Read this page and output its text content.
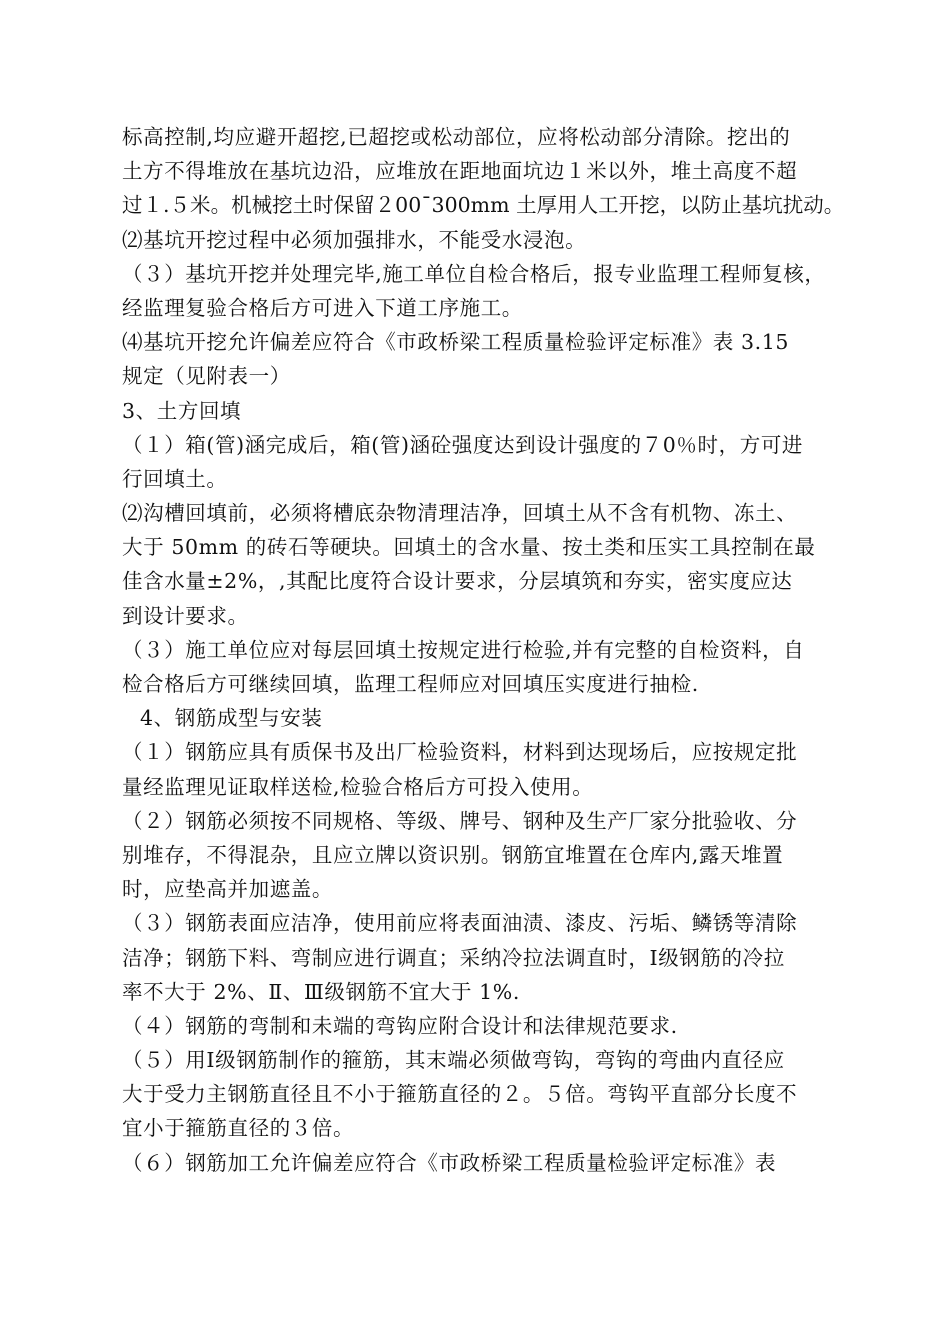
标高控制,均应避开超挖,已超挖或松动部位，应将松动部分清除。挖出的
土方不得堆放在基坑边沿，应堆放在距地面坑边１米以外，堆土高度不超
过１.５米。机械挖土时保留２00¯300mm 土厚用人工开挖，以防止基坑扰动。
⑵基坑开挖过程中必须加强排水，不能受水浸泡。
（３）基坑开挖并处理完毕,施工单位自检合格后，报专业监理工程师复核，
经监理复验合格后方可进入下道工序施工。
⑷基坑开挖允许偏差应符合《市政桥梁工程质量检验评定标准》表 3.15
规定（见附表一）
3、土方回填
（１）箱(管)涵完成后，箱(管)涵砼强度达到设计强度的７0％时，方可进
行回填土。
⑵沟槽回填前，必须将槽底杂物清理洁净，回填土从不含有机物、冻土、
大于 50mm 的砖石等硬块。回填土的含水量、按土类和压实工具控制在最
佳含水量±2%，,其配比度符合设计要求，分层填筑和夯实，密实度应达
到设计要求。
（３）施工单位应对每层回填土按规定进行检验,并有完整的自检资料，自
检合格后方可继续回填，监理工程师应对回填压实度进行抽检.
4、钢筋成型与安装
（１）钢筋应具有质保书及出厂检验资料，材料到达现场后，应按规定批
量经监理见证取样送检,检验合格后方可投入使用。
（２）钢筋必须按不同规格、等级、牌号、钢种及生产厂家分批验收、分
别堆存，不得混杂，且应立牌以资识别。钢筋宜堆置在仓库内,露天堆置
时，应垫高并加遮盖。
（３）钢筋表面应洁净，使用前应将表面油渍、漆皮、污垢、鳞锈等清除
洁净；钢筋下料、弯制应进行调直；采纳冷拉法调直时，Ⅰ级钢筋的冷拉
率不大于 2%、Ⅱ、Ⅲ级钢筋不宜大于 1%.
（４）钢筋的弯制和未端的弯钩应附合设计和法律规范要求.
（５）用Ⅰ级钢筋制作的箍筋，其末端必须做弯钩，弯钩的弯曲内直径应
大于受力主钢筋直径且不小于箍筋直径的２。５倍。弯钩平直部分长度不
宜小于箍筋直径的３倍。
（６）钢筋加工允许偏差应符合《市政桥梁工程质量检验评定标准》表
